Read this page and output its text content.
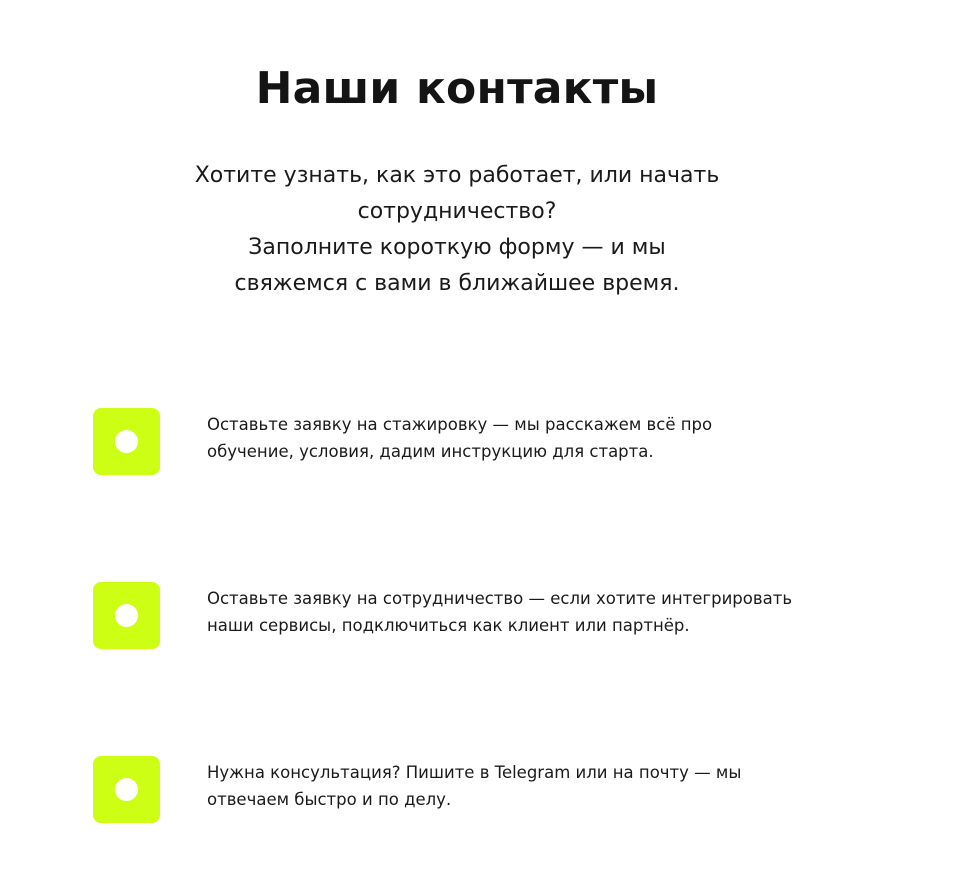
Наши контакты
Хотите узнать, как это работает, или начать
сотрудничество?
Заполните короткую форму — и мы
свяжемся с вами в ближайшее время.
Оставьте заявку на стажировку — мы расскажем всё про
обучение, условия, дадим инструкцию для старта.
Оставьте заявку на сотрудничество — если хотите интегрировать
наши сервисы, подключиться как клиент или партнёр.
Нужна консультация? Пишите в Telegram или на почту — мы
отвечаем быстро и по делу.
